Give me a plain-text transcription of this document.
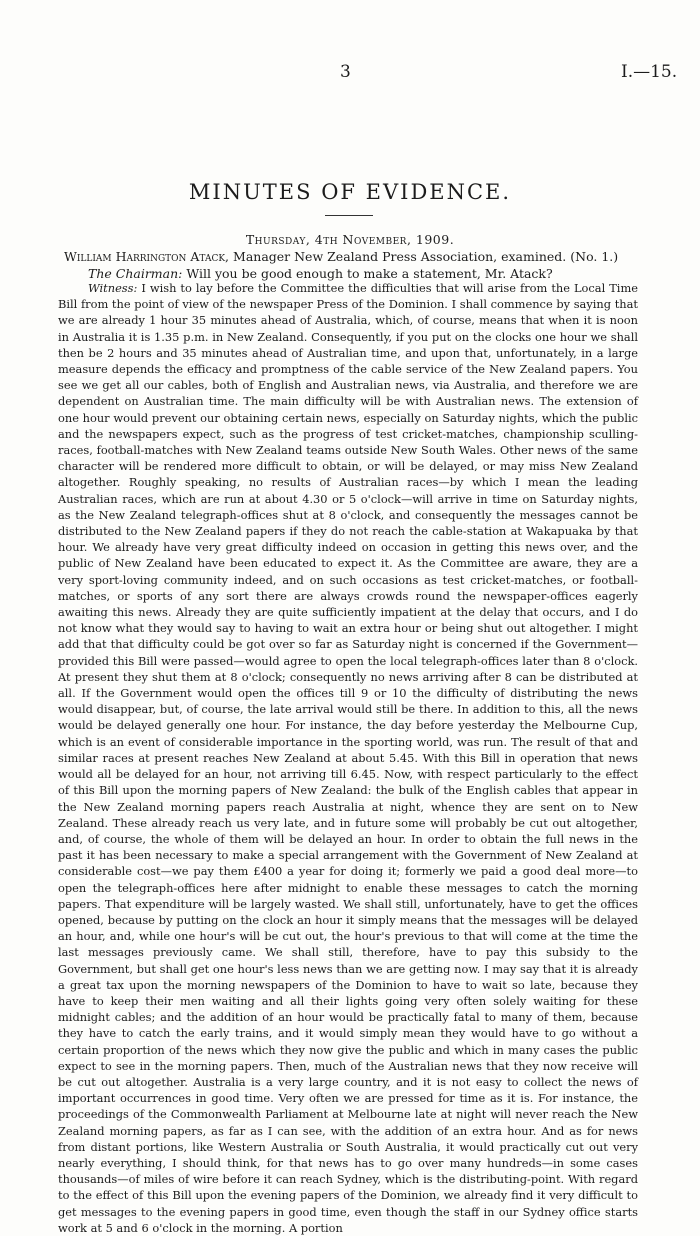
3	I.—15.
MINUTES OF EVIDENCE.
Thursday, 4th November, 1909.
William Harrington Atack, Manager New Zealand Press Association, examined. (No. 1.)
The Chairman: Will you be good enough to make a statement, Mr. Atack?

Witness: I wish to lay before the Committee the difficulties that will arise from the Local Time Bill from the point of view of the newspaper Press of the Dominion. I shall commence by saying that we are already 1 hour 35 minutes ahead of Australia, which, of course, means that when it is noon in Australia it is 1.35 p.m. in New Zealand. Consequently, if you put on the clocks one hour we shall then be 2 hours and 35 minutes ahead of Australian time, and upon that, unfortunately, in a large measure depends the efficacy and promptness of the cable service of the New Zealand papers. You see we get all our cables, both of English and Australian news, via Australia, and therefore we are dependent on Australian time. The main difficulty will be with Australian news. The extension of one hour would prevent our obtaining certain news, especially on Saturday nights, which the public and the newspapers expect, such as the progress of test cricket-matches, championship sculling-races, football-matches with New Zealand teams outside New South Wales. Other news of the same character will be rendered more difficult to obtain, or will be delayed, or may miss New Zealand altogether. Roughly speaking, no results of Australian races—by which I mean the leading Australian races, which are run at about 4.30 or 5 o'clock—will arrive in time on Saturday nights, as the New Zealand telegraph-offices shut at 8 o'clock, and consequently the messages cannot be distributed to the New Zealand papers if they do not reach the cable-station at Wakapuaka by that hour. We already have very great difficulty indeed on occasion in getting this news over, and the public of New Zealand have been educated to expect it. As the Committee are aware, they are a very sport-loving community indeed, and on such occasions as test cricket-matches, or football-matches, or sports of any sort there are always crowds round the newspaper-offices eagerly awaiting this news. Already they are quite sufficiently impatient at the delay that occurs, and I do not know what they would say to having to wait an extra hour or being shut out altogether. I might add that that difficulty could be got over so far as Saturday night is concerned if the Government—provided this Bill were passed—would agree to open the local telegraph-offices later than 8 o'clock. At present they shut them at 8 o'clock; consequently no news arriving after 8 can be distributed at all. If the Government would open the offices till 9 or 10 the difficulty of distributing the news would disappear, but, of course, the late arrival would still be there. In addition to this, all the news would be delayed generally one hour. For instance, the day before yesterday the Melbourne Cup, which is an event of considerable importance in the sporting world, was run. The result of that and similar races at present reaches New Zealand at about 5.45. With this Bill in operation that news would all be delayed for an hour, not arriving till 6.45. Now, with respect particularly to the effect of this Bill upon the morning papers of New Zealand: the bulk of the English cables that appear in the New Zealand morning papers reach Australia at night, whence they are sent on to New Zealand. These already reach us very late, and in future some will probably be cut out altogether, and, of course, the whole of them will be delayed an hour. In order to obtain the full news in the past it has been necessary to make a special arrangement with the Government of New Zealand at considerable cost—we pay them £400 a year for doing it; formerly we paid a good deal more—to open the telegraph-offices here after midnight to enable these messages to catch the morning papers. That expenditure will be largely wasted. We shall still, unfortunately, have to get the offices opened, because by putting on the clock an hour it simply means that the messages will be delayed an hour, and, while one hour's will be cut out, the hour's previous to that will come at the time the last messages previously came. We shall still, therefore, have to pay this subsidy to the Government, but shall get one hour's less news than we are getting now. I may say that it is already a great tax upon the morning newspapers of the Dominion to have to wait so late, because they have to keep their men waiting and all their lights going very often solely waiting for these midnight cables; and the addition of an hour would be practically fatal to many of them, because they have to catch the early trains, and it would simply mean they would have to go without a certain proportion of the news which they now give the public and which in many cases the public expect to see in the morning papers. Then, much of the Australian news that they now receive will be cut out altogether. Australia is a very large country, and it is not easy to collect the news of important occurrences in good time. Very often we are pressed for time as it is. For instance, the proceedings of the Commonwealth Parliament at Melbourne late at night will never reach the New Zealand morning papers, as far as I can see, with the addition of an extra hour. And as for news from distant portions, like Western Australia or South Australia, it would practically cut out very nearly everything, I should think, for that news has to go over many hundreds—in some cases thousands—of miles of wire before it can reach Sydney, which is the distributing-point. With regard to the effect of this Bill upon the evening papers of the Dominion, we already find it very difficult to get messages to the evening papers in good time, even though the staff in our Sydney office starts work at 5 and 6 o'clock in the morning. A portion
